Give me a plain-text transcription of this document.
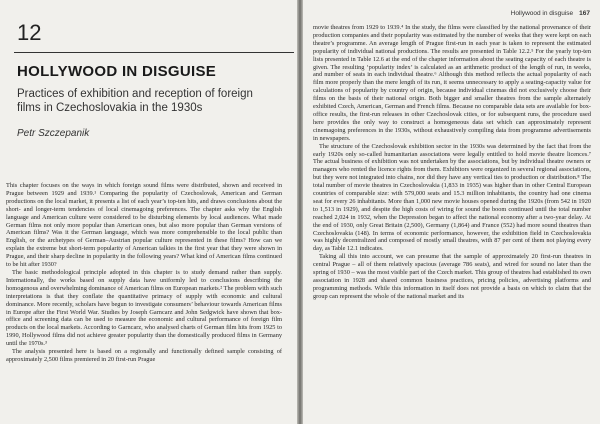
12
HOLLYWOOD IN DISGUISE
Practices of exhibition and reception of foreign films in Czechoslovakia in the 1930s
Petr Szczepanik

This chapter focuses on the ways in which foreign sound films were distributed, shown and received in Prague between 1929 and 1939.¹ Comparing the popularity of Czechoslovak, American and German productions on the local market, it presents a list of each year’s top-ten hits, and draws conclusions about the short- and longer-term tendencies of local cinemagoing preferences. The chapter asks why the English language and American culture were considered to be disturbing elements by local audiences. What made German films not only more popular than American ones, but also more popular than German versions of American films? Was it the German language, which was more comprehensible to the local public than English, or the archetypes of German–Austrian popular culture represented in these films? How can we explain the extreme but short-term popularity of American talkies in the first year that they were shown in Prague, and their sharp decline in popularity in the following years? What kind of American films continued to be hit after 1930?

The basic methodological principle adopted in this chapter is to study demand rather than supply. Internationally, the works based on supply data have uniformly led to conclusions describing the homogenous and overwhelming dominance of American films on European markets.² The problem with such interpretations is that they conflate the quantitative primacy of supply with economic and cultural dominance. More recently, scholars have begun to investigate consumers’ behaviour towards American films in Europe after the First World War. Studies by Joseph Garncarz and John Sedgwick have shown that box-office and screening data can be used to measure the economic and cultural performance of foreign film products on the local markets. According to Garncarz, who analysed charts of German film hits from 1925 to 1990, Hollywood films did not achieve greater popularity than the domestically produced films in Germany until the 1970s.³

The analysis presented here is based on a regionally and functionally defined sample consisting of approximately 2,500 films premiered in 20 first-run Prague

Hollywood in disguise 167

movie theatres from 1929 to 1939.⁴ In the study, the films were classified by the national provenance of their production companies and their popularity was estimated by the number of weeks that they were kept on each theatre’s programme. An average length of Prague first-run in each year is taken to represent the estimated popularity of individual national productions. The results are presented in Table 12.2.⁵ For the yearly top-ten lists presented in Table 12.6 at the end of the chapter information about the seating capacity of each theatre is given. The resulting ‘popularity index’ is calculated as an arithmetic product of the length of run, in weeks, and number of seats in each individual theatre.⁶ Although this method reflects the actual popularity of each film more properly than the mere length of its run, it seems unnecessary to apply a seating-capacity value for calculations of popularity by country of origin, because individual cinemas did not exclusively choose their films on the basis of their national origin. Both bigger and smaller theatres from the sample alternately exhibited Czech, American, German and French films. Because no comparable data sets are available for box-office results, the first-run releases in other Czechoslovak cities, or for subsequent runs, the procedure used here provides the only way to construct a homogeneous data set which can approximately represent cinemagoing preferences in the 1930s, without exhaustively compiling data from programme advertisements in newspapers.

The structure of the Czechoslovak exhibition sector in the 1930s was determined by the fact that from the early 1920s only so-called humanitarian associations were legally entitled to hold movie theatre licences.⁷ The actual business of exhibition was not undertaken by the associations, but by individual theatre owners or managers who rented the licence rights from them. Exhibitors were organized in several regional associations, but they were not integrated into chains, nor did they have any vertical ties to production or distribution.⁸ The total number of movie theatres in Czechoslovakia (1,833 in 1935) was higher than in other Central European countries of comparable size: with 579,000 seats and 15.3 million inhabitants, the country had one cinema seat for every 26 inhabitants. More than 1,000 new movie houses opened during the 1920s (from 542 in 1920 to 1,513 in 1929), and despite the high costs of wiring for sound the boom continued until the total number reached 2,024 in 1932, when the Depression began to affect the national economy after a two-year delay. At the end of 1930, only Great Britain (2,500), Germany (1,864) and France (552) had more sound theatres than Czechoslovakia (148). In terms of economic performance, however, the exhibition field in Czechoslovakia was highly decentralized and composed of mostly small theatres, with 87 per cent of them not playing every day, as Table 12.1 indicates.

Taking all this into account, we can presume that the sample of approximately 20 first-run theatres in central Prague – all of them relatively spacious (average 786 seats), and wired for sound no later than the spring of 1930 – was the most visible part of the Czech market. This group of theatres had established its own association in 1928 and shared common business practices, pricing policies, advertising platforms and programming methods. While this information in itself does not provide a basis on which to claim that the group can represent the whole of the national market and its
